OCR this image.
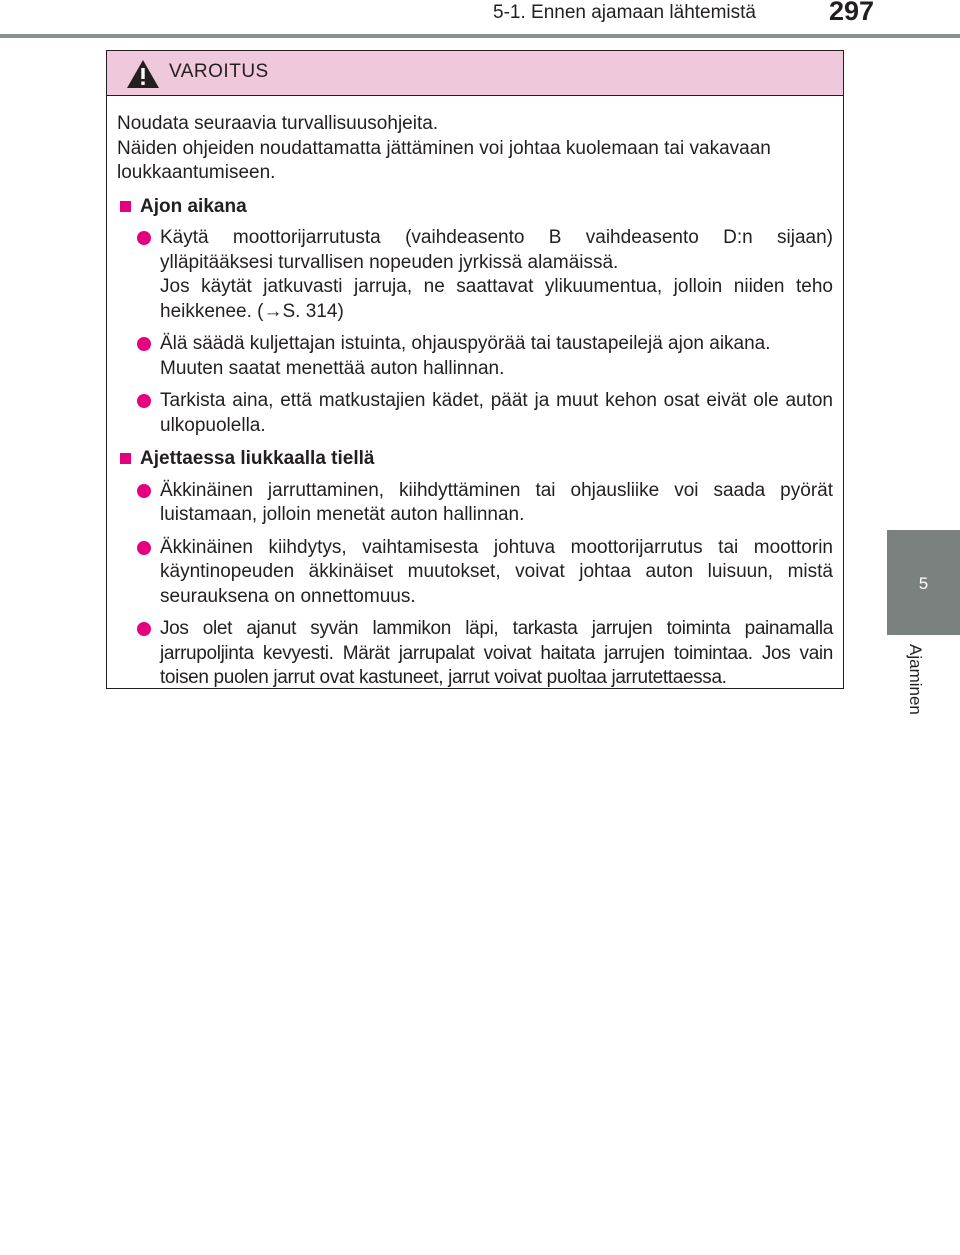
5-1. Ennen ajamaan lähtemistä	297
5
Ajaminen
VAROITUS

Noudata seuraavia turvallisuusohjeita.

Näiden ohjeiden noudattamatta jättäminen voi johtaa kuolemaan tai vakavaan loukkaantumiseen.

Ajon aikana

Käytä moottorijarrutusta (vaihdeasento B vaihdeasento D:n sijaan) ylläpitääksesi turvallisen nopeuden jyrkissä alamäissä.

Jos käytät jatkuvasti jarruja, ne saattavat ylikuumentua, jolloin niiden teho heikkenee. (→S. 314)

Älä säädä kuljettajan istuinta, ohjauspyörää tai taustapeilejä ajon aikana.

Muuten saatat menettää auton hallinnan.

Tarkista aina, että matkustajien kädet, päät ja muut kehon osat eivät ole auton ulkopuolella.

Ajettaessa liukkaalla tiellä

Äkkinäinen jarruttaminen, kiihdyttäminen tai ohjausliike voi saada pyörät luistamaan, jolloin menetät auton hallinnan.

Äkkinäinen kiihdytys, vaihtamisesta johtuva moottorijarrutus tai moottorin käyntinopeuden äkkinäiset muutokset, voivat johtaa auton luisuun, mistä seurauksena on onnettomuus.

Jos olet ajanut syvän lammikon läpi, tarkasta jarrujen toiminta painamalla jarrupoljinta kevyesti. Märät jarrupalat voivat haitata jarrujen toimintaa. Jos vain toisen puolen jarrut ovat kastuneet, jarrut voivat puoltaa jarrutettaessa.
